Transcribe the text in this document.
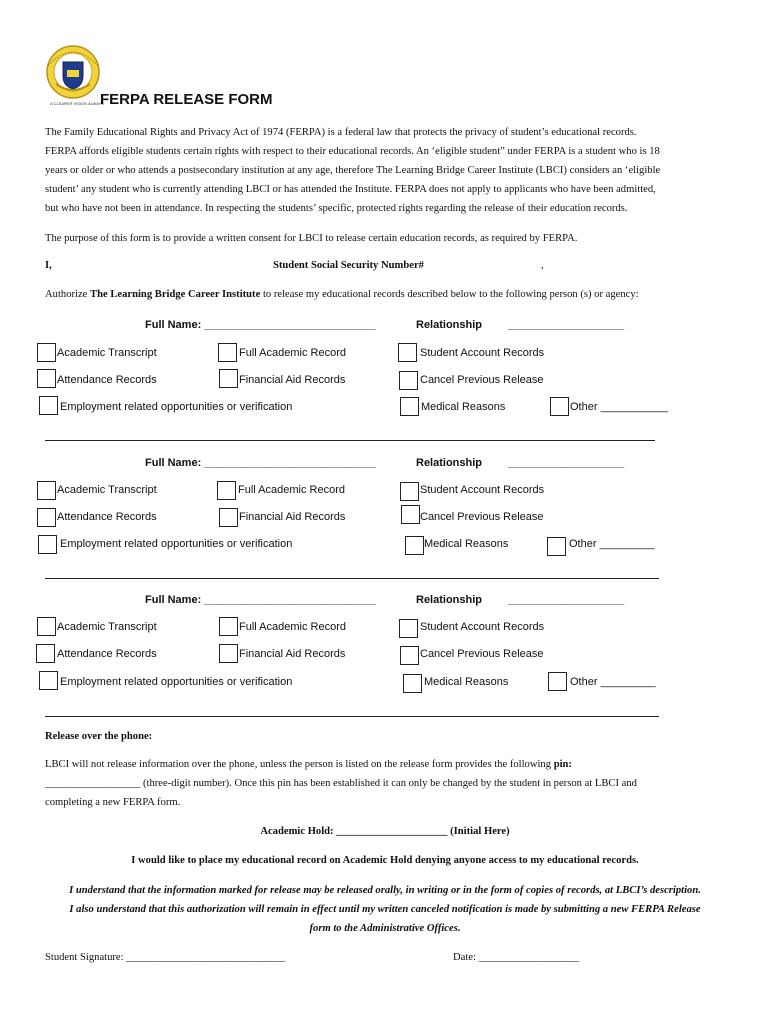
A CLEARER VISION ALWAYS
FERPA RELEASE FORM
The Family Educational Rights and Privacy Act of 1974 (FERPA) is a federal law that protects the privacy of student’s educational records.
FERPA affords eligible students certain rights with respect to their educational records. An ‘eligible student” under FERPA is a student who is 18
years or older or who attends a postsecondary institution at any age, therefore The Learning Bridge Career Institute (LBCI) considers an ‘eligible
student’ any student who is currently attending LBCI or has attended the Institute. FERPA does not apply to applicants who have been admitted,
but who have not been in attendance. In respecting the students’ specific, protected rights regarding the release of their education records.
The purpose of this form is to provide a written consent for LBCI to release certain education records, as required by FERPA.
I,	Student Social Security Number#	,
Authorize The Learning Bridge Career Institute to release my educational records described below to the following person (s) or agency:
Full Name: ____________________________	Relationship ___________________
Academic Transcript	Full Academic Record	Student Account Records
Attendance Records	Financial Aid Records	Cancel Previous Release
Employment related opportunities or verification	Medical Reasons	Other ___________
Full Name: ____________________________	Relationship ___________________
Academic Transcript	Full Academic Record	Student Account Records
Attendance Records	Financial Aid Records	Cancel Previous Release
Employment related opportunities or verification	Medical Reasons	Other _________
Full Name: ____________________________	Relationship ___________________
Academic Transcript	Full Academic Record	Student Account Records
Attendance Records	Financial Aid Records	Cancel Previous Release
Employment related opportunities or verification	Medical Reasons	Other _________
Release over the phone:
LBCI will not release information over the phone, unless the person is listed on the release form provides the following pin:
__________________ (three-digit number). Once this pin has been established it can only be changed by the student in person at LBCI and
completing a new FERPA form.
Academic Hold: _____________________ (Initial Here)
I would like to place my educational record on Academic Hold denying anyone access to my educational records.
I understand that the information marked for release may be released orally, in writing or in the form of copies of records, at LBCI’s description.
I also understand that this authorization will remain in effect until my written canceled notification is made by submitting a new FERPA Release
form to the Administrative Offices.
Student Signature: ______________________________	Date: ___________________
